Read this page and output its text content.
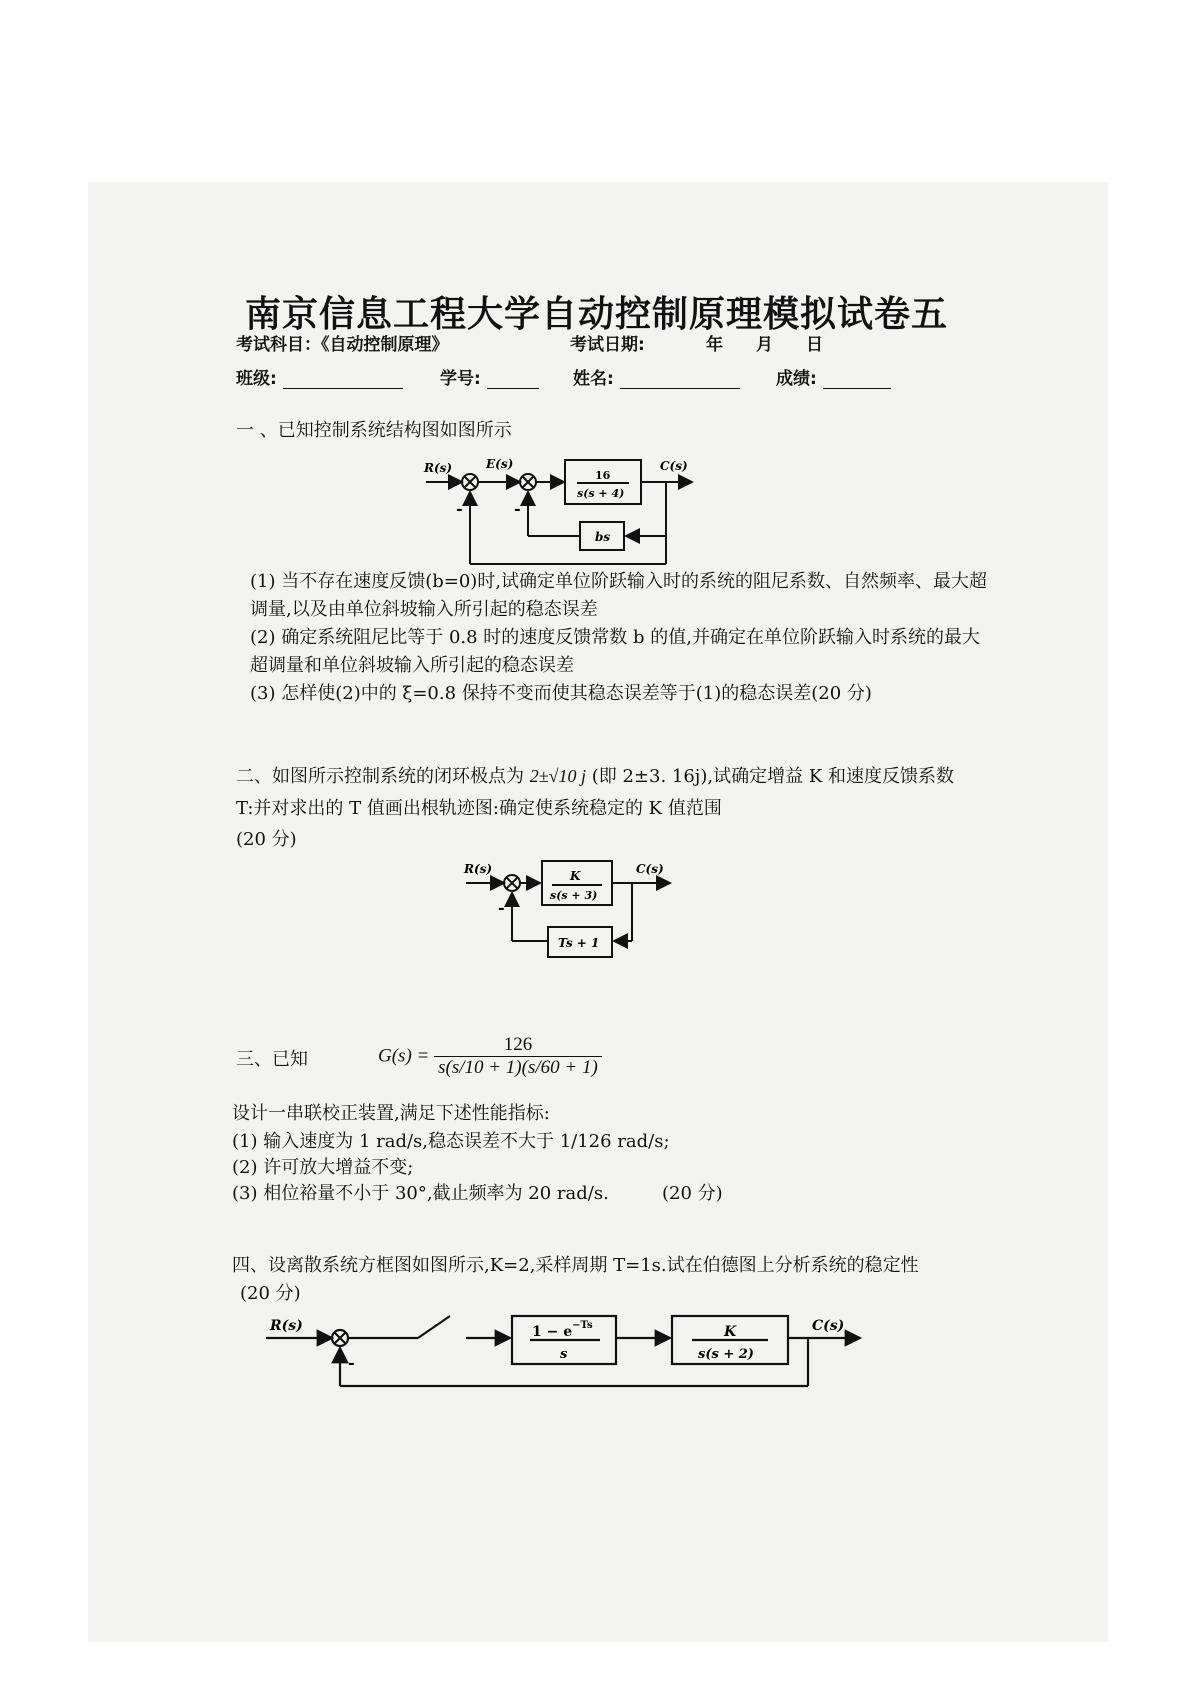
南京信息工程大学自动控制原理模拟试卷五
考试科目：《自动控制原理》	考试日期:	年 月 日
班级:	学号:	姓名:	成绩:
一 、已知控制系统结构图如图所示
R(s)	E(s)	C(s)
16
s(s + 4)
bs
-	-
(1) 当不存在速度反馈(b=0)时,试确定单位阶跃输入时的系统的阻尼系数、自然频率、最大超调量,以及由单位斜坡输入所引起的稳态误差
(2) 确定系统阻尼比等于 0.8 时的速度反馈常数 b 的值,并确定在单位阶跃输入时系统的最大超调量和单位斜坡输入所引起的稳态误差
(3) 怎样使(2)中的 ξ=0.8 保持不变而使其稳态误差等于(1)的稳态误差(20 分)
二、如图所示控制系统的闭环极点为 2±√10 j (即 2±3. 16j),试确定增益 K 和速度反馈系数 T:并对求出的 T 值画出根轨迹图:确定使系统稳定的 K 值范围
(20 分)
R(s)	C(s)
K
s(s + 3)
Ts + 1
-
三、已知	$G(s) = \frac{126}{s(s/10 + 1)(s/60 + 1)}$
设计一串联校正装置,满足下述性能指标:
(1) 输入速度为 1 rad/s,稳态误差不大于 1/126 rad/s;
(2) 许可放大增益不变;
(3) 相位裕量不小于 30°,截止频率为 20 rad/s.	(20 分)
四、设离散系统方框图如图所示,K=2,采样周期 T=1s.试在伯德图上分析系统的稳定性 (20 分)
R(s)	C(s)
$1 - e^{-Ts}$
s
K
s(s + 2)
-
